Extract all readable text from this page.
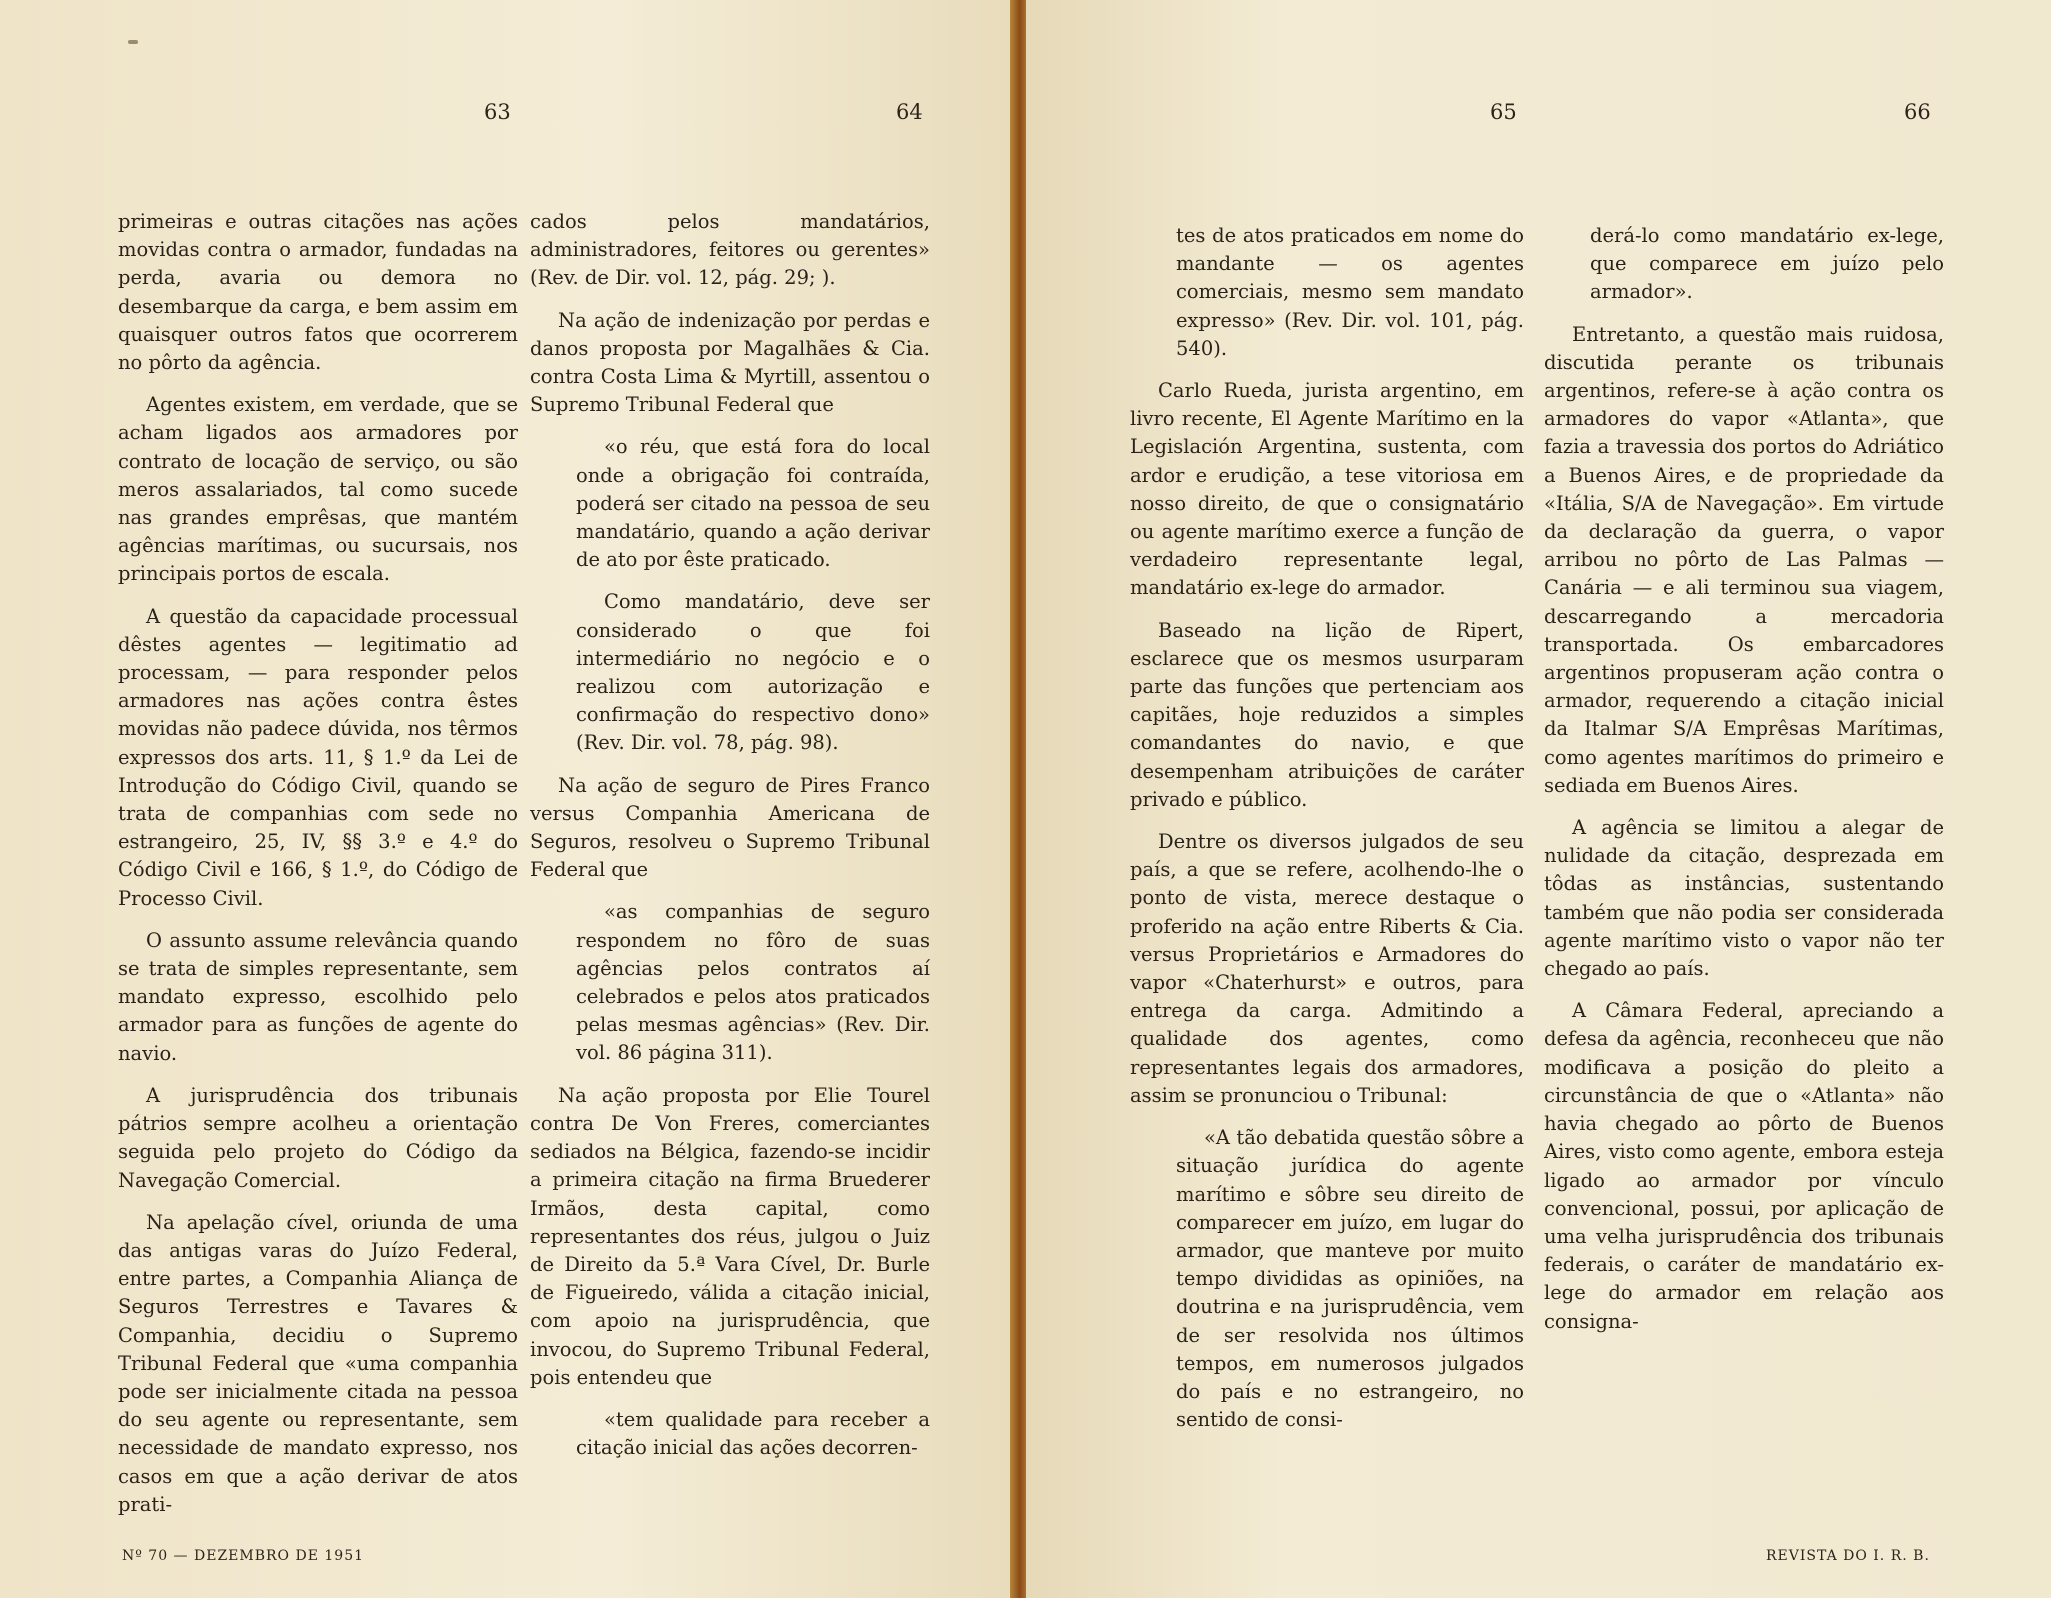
63	64

primeiras e outras citações nas ações movidas contra o armador, fundadas na perda, avaria ou demora no desembarque da carga, e bem assim em quaisquer outros fatos que ocorrerem no pôrto da agência.

Agentes existem, em verdade, que se acham ligados aos armadores por contrato de locação de serviço, ou são meros assalariados, tal como sucede nas grandes emprêsas, que mantém agências marítimas, ou sucursais, nos principais portos de escala.

A questão da capacidade processual dêstes agentes — legitimatio ad processam, — para responder pelos armadores nas ações contra êstes movidas não padece dúvida, nos têrmos expressos dos arts. 11, § 1.º da Lei de Introdução do Código Civil, quando se trata de companhias com sede no estrangeiro, 25, IV, §§ 3.º e 4.º do Código Civil e 166, § 1.º, do Código de Processo Civil.

O assunto assume relevância quando se trata de simples representante, sem mandato expresso, escolhido pelo armador para as funções de agente do navio.

A jurisprudência dos tribunais pátrios sempre acolheu a orientação seguida pelo projeto do Código da Navegação Comercial.

Na apelação cível, oriunda de uma das antigas varas do Juízo Federal, entre partes, a Companhia Aliança de Seguros Terrestres e Tavares & Companhia, decidiu o Supremo Tribunal Federal que «uma companhia pode ser inicialmente citada na pessoa do seu agente ou representante, sem necessidade de mandato expresso, nos casos em que a ação derivar de atos prati-

cados pelos mandatários, administradores, feitores ou gerentes» (Rev. de Dir. vol. 12, pág. 29; ).

Na ação de indenização por perdas e danos proposta por Magalhães & Cia. contra Costa Lima & Myrtill, assentou o Supremo Tribunal Federal que

«o réu, que está fora do local onde a obrigação foi contraída, poderá ser citado na pessoa de seu mandatário, quando a ação derivar de ato por êste praticado.

Como mandatário, deve ser considerado o que foi intermediário no negócio e o realizou com autorização e confirmação do respectivo dono» (Rev. Dir. vol. 78, pág. 98).

Na ação de seguro de Pires Franco versus Companhia Americana de Seguros, resolveu o Supremo Tribunal Federal que

«as companhias de seguro respondem no fôro de suas agências pelos contratos aí celebrados e pelos atos praticados pelas mesmas agências» (Rev. Dir. vol. 86 página 311).

Na ação proposta por Elie Tourel contra De Von Freres, comerciantes sediados na Bélgica, fazendo-se incidir a primeira citação na firma Bruederer Irmãos, desta capital, como representantes dos réus, julgou o Juiz de Direito da 5.ª Vara Cível, Dr. Burle de Figueiredo, válida a citação inicial, com apoio na jurisprudência, que invocou, do Supremo Tribunal Federal, pois entendeu que

«tem qualidade para receber a citação inicial das ações decorren-

Nº 70 — DEZEMBRO DE 1951
65	66

tes de atos praticados em nome do mandante — os agentes comerciais, mesmo sem mandato expresso» (Rev. Dir. vol. 101, pág. 540).

Carlo Rueda, jurista argentino, em livro recente, El Agente Marítimo en la Legislación Argentina, sustenta, com ardor e erudição, a tese vitoriosa em nosso direito, de que o consignatário ou agente marítimo exerce a função de verdadeiro representante legal, mandatário ex-lege do armador.

Baseado na lição de Ripert, esclarece que os mesmos usurparam parte das funções que pertenciam aos capitães, hoje reduzidos a simples comandantes do navio, e que desempenham atribuições de caráter privado e público.

Dentre os diversos julgados de seu país, a que se refere, acolhendo-lhe o ponto de vista, merece destaque o proferido na ação entre Riberts & Cia. versus Proprietários e Armadores do vapor «Chaterhurst» e outros, para entrega da carga. Admitindo a qualidade dos agentes, como representantes legais dos armadores, assim se pronunciou o Tribunal:

«A tão debatida questão sôbre a situação jurídica do agente marítimo e sôbre seu direito de comparecer em juízo, em lugar do armador, que manteve por muito tempo divididas as opiniões, na doutrina e na jurisprudência, vem de ser resolvida nos últimos tempos, em numerosos julgados do país e no estrangeiro, no sentido de consi-

derá-lo como mandatário ex-lege, que comparece em juízo pelo armador».

Entretanto, a questão mais ruidosa, discutida perante os tribunais argentinos, refere-se à ação contra os armadores do vapor «Atlanta», que fazia a travessia dos portos do Adriático a Buenos Aires, e de propriedade da «Itália, S/A de Navegação». Em virtude da declaração da guerra, o vapor arribou no pôrto de Las Palmas — Canária — e ali terminou sua viagem, descarregando a mercadoria transportada. Os embarcadores argentinos propuseram ação contra o armador, requerendo a citação inicial da Italmar S/A Emprêsas Marítimas, como agentes marítimos do primeiro e sediada em Buenos Aires.

A agência se limitou a alegar de nulidade da citação, desprezada em tôdas as instâncias, sustentando também que não podia ser considerada agente marítimo visto o vapor não ter chegado ao país.

A Câmara Federal, apreciando a defesa da agência, reconheceu que não modificava a posição do pleito a circunstância de que o «Atlanta» não havia chegado ao pôrto de Buenos Aires, visto como agente, embora esteja ligado ao armador por vínculo convencional, possui, por aplicação de uma velha jurisprudência dos tribunais federais, o caráter de mandatário ex-lege do armador em relação aos consigna-

REVISTA DO I. R. B.
